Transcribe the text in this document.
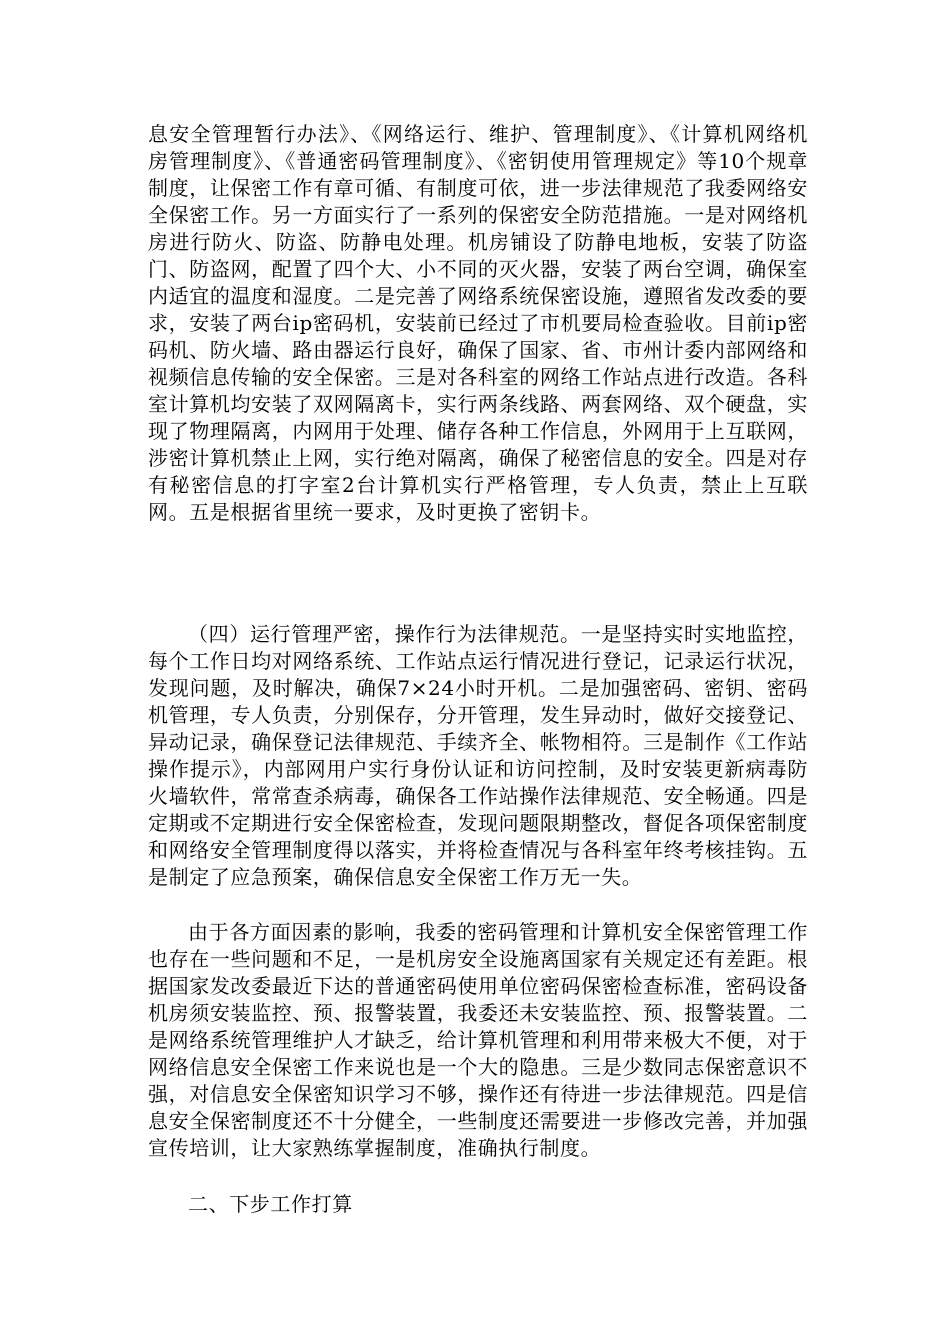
息安全管理暂行办法》、《网络运行、维护、管理制度》、《计算机网络机房管理制度》、《普通密码管理制度》、《密钥使用管理规定》等10个规章制度，让保密工作有章可循、有制度可依，进一步法律规范了我委网络安全保密工作。另一方面实行了一系列的保密安全防范措施。一是对网络机房进行防火、防盗、防静电处理。机房铺设了防静电地板，安装了防盗门、防盗网，配置了四个大、小不同的灭火器，安装了两台空调，确保室内适宜的温度和湿度。二是完善了网络系统保密设施，遵照省发改委的要求，安装了两台ip密码机，安装前已经过了市机要局检查验收。目前ip密码机、防火墙、路由器运行良好，确保了国家、省、市州计委内部网络和视频信息传输的安全保密。三是对各科室的网络工作站点进行改造。各科室计算机均安装了双网隔离卡，实行两条线路、两套网络、双个硬盘，实现了物理隔离，内网用于处理、储存各种工作信息，外网用于上互联网，涉密计算机禁止上网，实行绝对隔离，确保了秘密信息的安全。四是对存有秘密信息的打字室2台计算机实行严格管理，专人负责，禁止上互联网。五是根据省里统一要求，及时更换了密钥卡。

（四）运行管理严密，操作行为法律规范。一是坚持实时实地监控，每个工作日均对网络系统、工作站点运行情况进行登记，记录运行状况，发现问题，及时解决，确保7×24小时开机。二是加强密码、密钥、密码机管理，专人负责，分别保存，分开管理，发生异动时，做好交接登记、异动记录，确保登记法律规范、手续齐全、帐物相符。三是制作《工作站操作提示》，内部网用户实行身份认证和访问控制，及时安装更新病毒防火墙软件，常常查杀病毒，确保各工作站操作法律规范、安全畅通。四是定期或不定期进行安全保密检查，发现问题限期整改，督促各项保密制度和网络安全管理制度得以落实，并将检查情况与各科室年终考核挂钩。五是制定了应急预案，确保信息安全保密工作万无一失。

由于各方面因素的影响，我委的密码管理和计算机安全保密管理工作也存在一些问题和不足，一是机房安全设施离国家有关规定还有差距。根据国家发改委最近下达的普通密码使用单位密码保密检查标准，密码设备机房须安装监控、预、报警装置，我委还未安装监控、预、报警装置。二是网络系统管理维护人才缺乏，给计算机管理和利用带来极大不便，对于网络信息安全保密工作来说也是一个大的隐患。三是少数同志保密意识不强，对信息安全保密知识学习不够，操作还有待进一步法律规范。四是信息安全保密制度还不十分健全，一些制度还需要进一步修改完善，并加强宣传培训，让大家熟练掌握制度，准确执行制度。

二、下步工作打算
